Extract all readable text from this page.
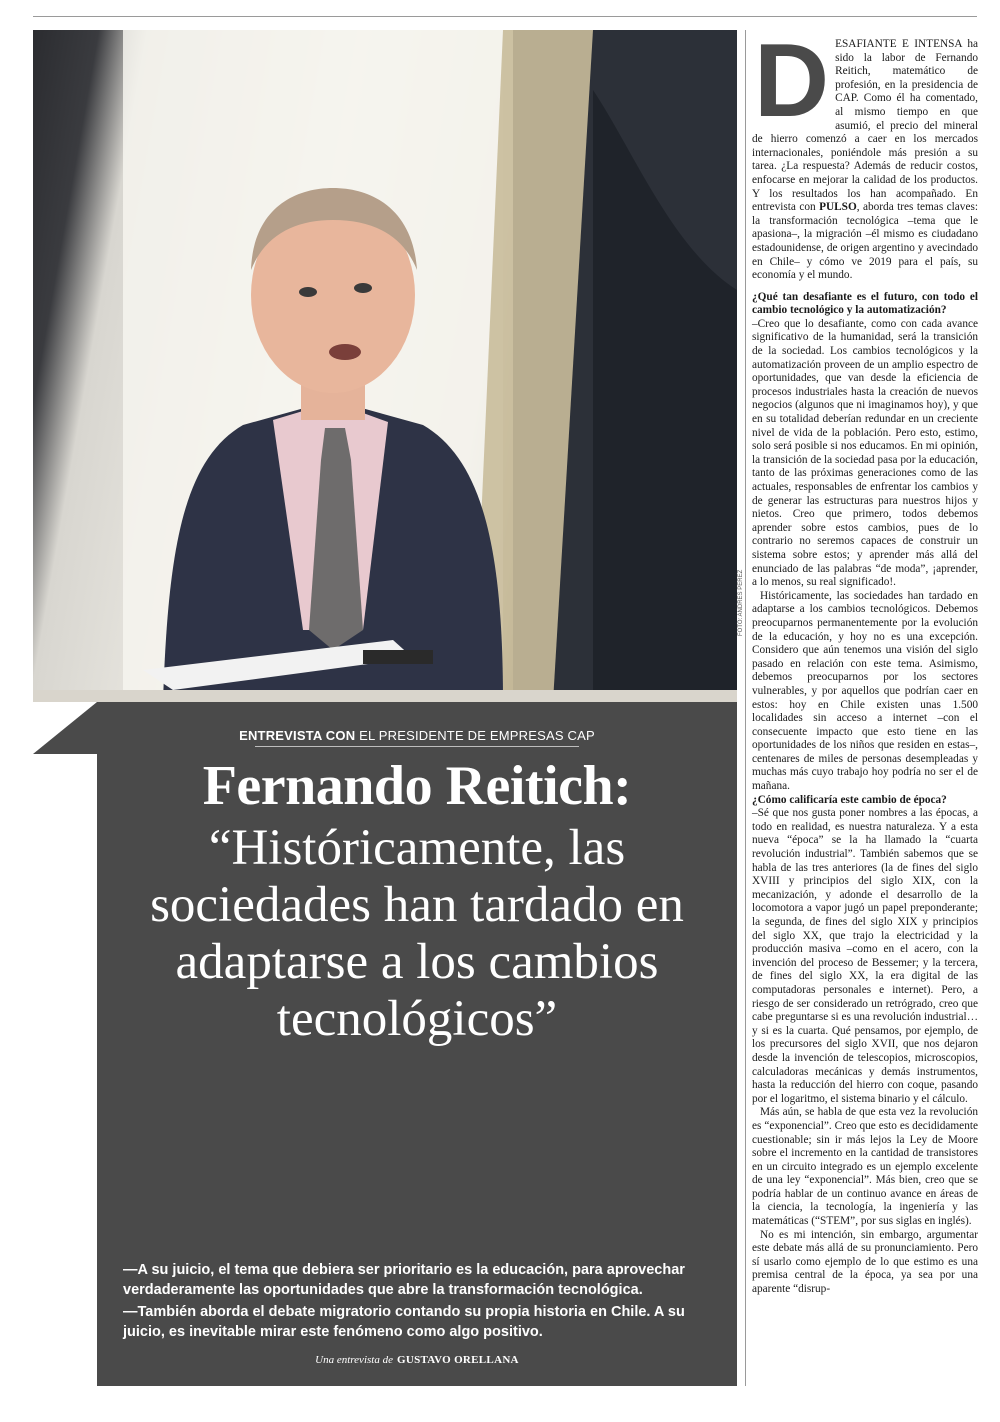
FOTO: ANDRES PEREZ
ENTREVISTA CON EL PRESIDENTE DE EMPRESAS CAP
Fernando Reitich:
“Históricamente, las sociedades han tardado en adaptarse a los cambios tecnológicos”

—A su juicio, el tema que debiera ser prioritario es la educación, para aprovechar verdaderamente las oportunidades que abre la transformación tecnológica.

—También aborda el debate migratorio contando su propia historia en Chile. A su juicio, es inevitable mirar este fenómeno como algo positivo.

Una entrevista de GUSTAVO ORELLANA
D ESAFIANTE E INTENSA ha sido la labor de Fernando Reitich, matemático de profesión, en la presidencia de CAP. Como él ha comentado, al mismo tiempo en que asumió, el precio del mineral de hierro comenzó a caer en los mercados internacionales, poniéndole más presión a su tarea. ¿La respuesta? Además de reducir costos, enfocarse en mejorar la calidad de los productos. Y los resultados los han acompañado. En entrevista con PULSO, aborda tres temas claves: la transformación tecnológica –tema que le apasiona–, la migración –él mismo es ciudadano estadounidense, de origen argentino y avecindado en Chile– y cómo ve 2019 para el país, su economía y el mundo.

¿Qué tan desafiante es el futuro, con todo el cambio tecnológico y la automatización?

–Creo que lo desafiante, como con cada avance significativo de la humanidad, será la transición de la sociedad. Los cambios tecnológicos y la automatización proveen de un amplio espectro de oportunidades, que van desde la eficiencia de procesos industriales hasta la creación de nuevos negocios (algunos que ni imaginamos hoy), y que en su totalidad deberían redundar en un creciente nivel de vida de la población. Pero esto, estimo, solo será posible si nos educamos. En mi opinión, la transición de la sociedad pasa por la educación, tanto de las próximas generaciones como de las actuales, responsables de enfrentar los cambios y de generar las estructuras para nuestros hijos y nietos. Creo que primero, todos debemos aprender sobre estos cambios, pues de lo contrario no seremos capaces de construir un sistema sobre estos; y aprender más allá del enunciado de las palabras “de moda”, ¡aprender, a lo menos, su real significado!.

Históricamente, las sociedades han tardado en adaptarse a los cambios tecnológicos. Debemos preocuparnos permanentemente por la evolución de la educación, y hoy no es una excepción. Considero que aún tenemos una visión del siglo pasado en relación con este tema. Asimismo, debemos preocuparnos por los sectores vulnerables, y por aquellos que podrían caer en estos: hoy en Chile existen unas 1.500 localidades sin acceso a internet –con el consecuente impacto que esto tiene en las oportunidades de los niños que residen en estas–, centenares de miles de personas desempleadas y muchas más cuyo trabajo hoy podría no ser el de mañana.

¿Cómo calificaría este cambio de época?

–Sé que nos gusta poner nombres a las épocas, a todo en realidad, es nuestra naturaleza. Y a esta nueva “época” se la ha llamado la “cuarta revolución industrial”. También sabemos que se habla de las tres anteriores (la de fines del siglo XVIII y principios del siglo XIX, con la mecanización, y adonde el desarrollo de la locomotora a vapor jugó un papel preponderante; la segunda, de fines del siglo XIX y principios del siglo XX, que trajo la electricidad y la producción masiva –como en el acero, con la invención del proceso de Bessemer; y la tercera, de fines del siglo XX, la era digital de las computadoras personales e internet). Pero, a riesgo de ser considerado un retrógrado, creo que cabe preguntarse si es una revolución industrial… y si es la cuarta. Qué pensamos, por ejemplo, de los precursores del siglo XVII, que nos dejaron desde la invención de telescopios, microscopios, calculadoras mecánicas y demás instrumentos, hasta la reducción del hierro con coque, pasando por el logaritmo, el sistema binario y el cálculo.

Más aún, se habla de que esta vez la revolución es “exponencial”. Creo que esto es decididamente cuestionable; sin ir más lejos la Ley de Moore sobre el incremento en la cantidad de transistores en un circuito integrado es un ejemplo excelente de una ley “exponencial”. Más bien, creo que se podría hablar de un continuo avance en áreas de la ciencia, la tecnología, la ingeniería y las matemáticas (“STEM”, por sus siglas en inglés).

No es mi intención, sin embargo, argumentar este debate más allá de su pronunciamiento. Pero sí usarlo como ejemplo de lo que estimo es una premisa central de la época, ya sea por una aparente “disrup-
